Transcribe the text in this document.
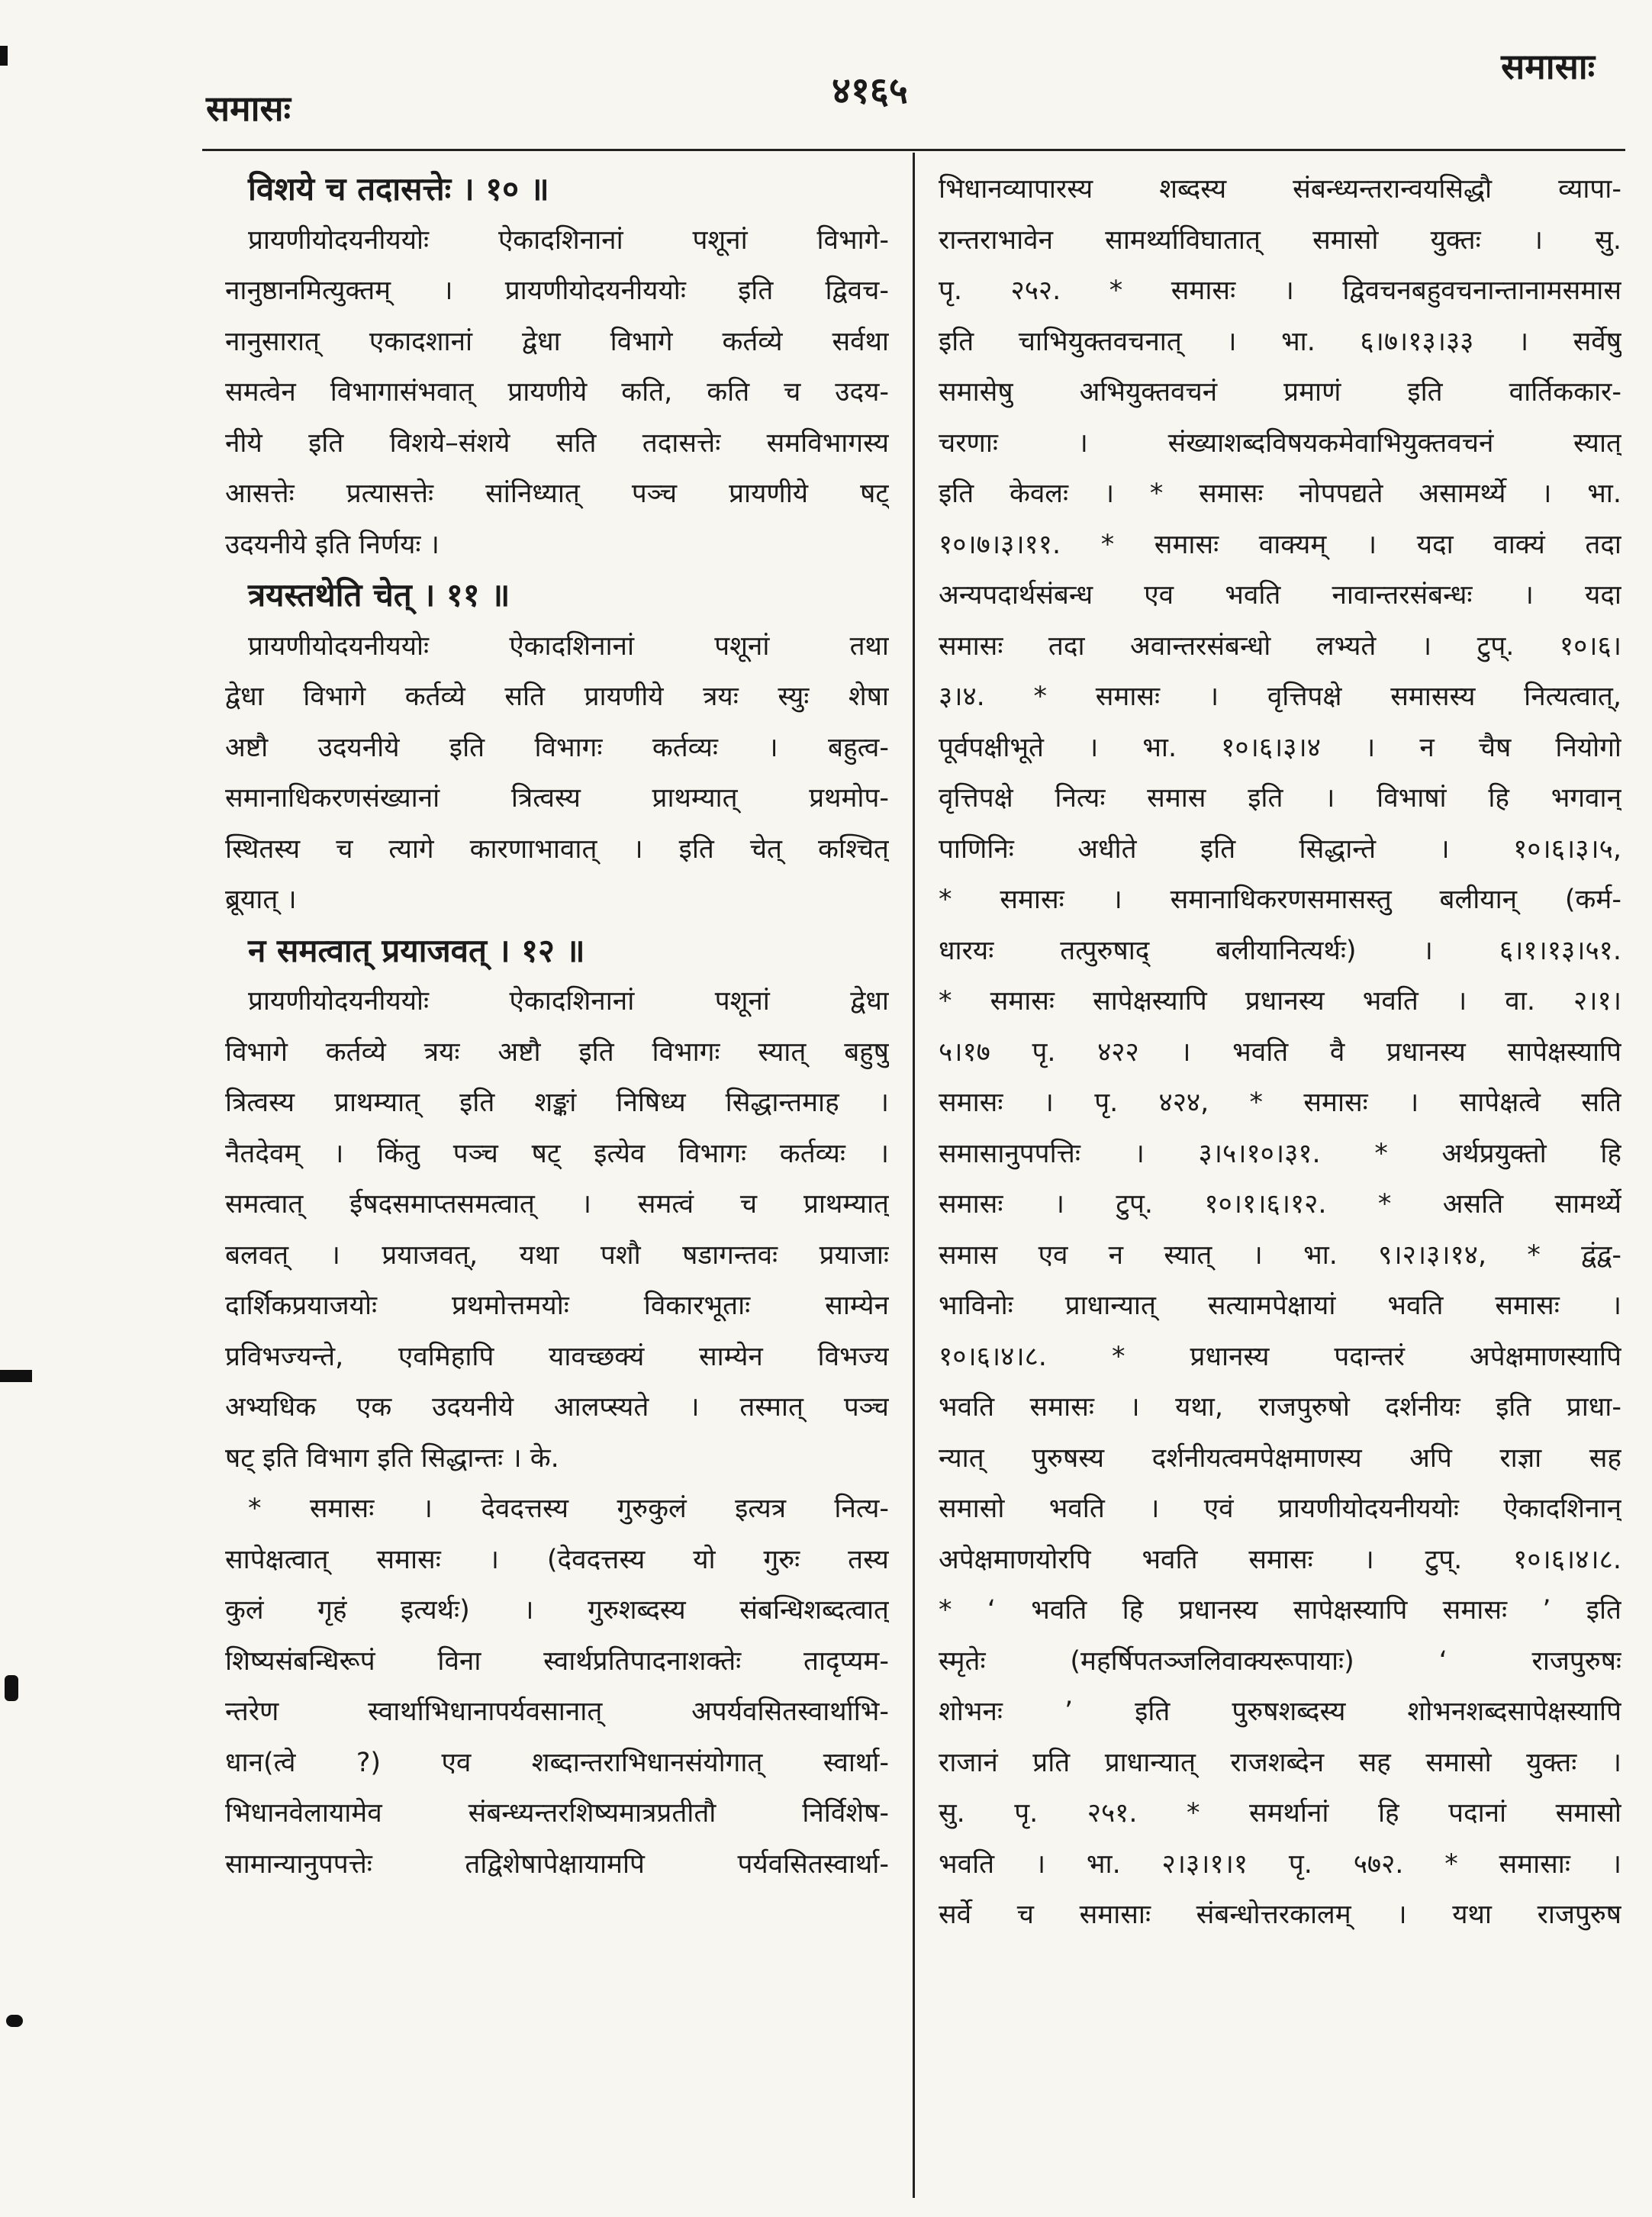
समासः	४१६५
समासाः
विशये च तदासत्तेः । १० ॥
प्रायणीयोदयनीययोः ऐकादशिनानां पशूनां विभागे-
नानुष्ठानमित्युक्तम् । प्रायणीयोदयनीययोः इति द्विवच-
नानुसारात् एकादशानां द्वेधा विभागे कर्तव्ये सर्वथा
समत्वेन विभागासंभवात् प्रायणीये कति, कति च उदय-
नीये इति विशये–संशये सति तदासत्तेः समविभागस्य
आसत्तेः प्रत्यासत्तेः सांनिध्यात् पञ्च प्रायणीये षट्
उदयनीये इति निर्णयः ।
त्रयस्तथेति चेत् । ११ ॥
प्रायणीयोदयनीययोः ऐकादशिनानां पशूनां तथा
द्वेधा विभागे कर्तव्ये सति प्रायणीये त्रयः स्युः शेषा
अष्टौ उदयनीये इति विभागः कर्तव्यः । बहुत्व-
समानाधिकरणसंख्यानां त्रित्वस्य प्राथम्यात् प्रथमोप-
स्थितस्य च त्यागे कारणाभावात् । इति चेत् कश्चित्
ब्रूयात् ।
न समत्वात् प्रयाजवत् । १२ ॥
प्रायणीयोदयनीययोः ऐकादशिनानां पशूनां द्वेधा
विभागे कर्तव्ये त्रयः अष्टौ इति विभागः स्यात् बहुषु
त्रित्वस्य प्राथम्यात् इति शङ्कां निषिध्य सिद्धान्तमाह ।
नैतदेवम् । किंतु पञ्च षट् इत्येव विभागः कर्तव्यः ।
समत्वात् ईषदसमाप्तसमत्वात् । समत्वं च प्राथम्यात्
बलवत् । प्रयाजवत्, यथा पशौ षडागन्तवः प्रयाजाः
दार्शिकप्रयाजयोः प्रथमोत्तमयोः विकारभूताः साम्येन
प्रविभज्यन्ते, एवमिहापि यावच्छक्यं साम्येन विभज्य
अभ्यधिक एक उदयनीये आलप्स्यते । तस्मात् पञ्च
षट् इति विभाग इति सिद्धान्तः । के.
* समासः । देवदत्तस्य गुरुकुलं इत्यत्र नित्य-
सापेक्षत्वात् समासः । (देवदत्तस्य यो गुरुः तस्य
कुलं गृहं इत्यर्थः) । गुरुशब्दस्य संबन्धिशब्दत्वात्
शिष्यसंबन्धिरूपं विना स्वार्थप्रतिपादनाशक्तेः तादृप्यम-
न्तरेण स्वार्थाभिधानापर्यवसानात् अपर्यवसितस्वार्थाभि-
धान(त्वे ?) एव शब्दान्तराभिधानसंयोगात् स्वार्था-
भिधानवेलायामेव संबन्ध्यन्तरशिष्यमात्रप्रतीतौ निर्विशेष-
सामान्यानुपपत्तेः तद्विशेषापेक्षायामपि पर्यवसितस्वार्था-
भिधानव्यापारस्य शब्दस्य संबन्ध्यन्तरान्वयसिद्धौ व्यापा-
रान्तराभावेन सामर्थ्याविघातात् समासो युक्तः । सु.
पृ. २५२. * समासः । द्विवचनबहुवचनान्तानामसमास
इति चाभियुक्तवचनात् । भा. ६।७।१३।३३ । सर्वेषु
समासेषु अभियुक्तवचनं प्रमाणं इति वार्तिककार-
चरणाः । संख्याशब्दविषयकमेवाभियुक्तवचनं स्यात्
इति केवलः । * समासः नोपपद्यते असामर्थ्ये । भा.
१०।७।३।११. * समासः वाक्यम् । यदा वाक्यं तदा
अन्यपदार्थसंबन्ध एव भवति नावान्तरसंबन्धः । यदा
समासः तदा अवान्तरसंबन्धो लभ्यते । टुप्. १०।६।
३।४. * समासः । वृत्तिपक्षे समासस्य नित्यत्वात्,
पूर्वपक्षीभूते । भा. १०।६।३।४ । न चैष नियोगो
वृत्तिपक्षे नित्यः समास इति । विभाषां हि भगवान्
पाणिनिः अधीते इति सिद्धान्ते । १०।६।३।५,
* समासः । समानाधिकरणसमासस्तु बलीयान् (कर्म-
धारयः तत्पुरुषाद् बलीयानित्यर्थः) । ६।१।१३।५१.
* समासः सापेक्षस्यापि प्रधानस्य भवति । वा. २।१।
५।१७ पृ. ४२२ । भवति वै प्रधानस्य सापेक्षस्यापि
समासः । पृ. ४२४, * समासः । सापेक्षत्वे सति
समासानुपपत्तिः । ३।५।१०।३१. * अर्थप्रयुक्तो हि
समासः । टुप्. १०।१।६।१२. * असति सामर्थ्ये
समास एव न स्यात् । भा. ९।२।३।१४, * द्वंद्व-
भाविनोः प्राधान्यात् सत्यामपेक्षायां भवति समासः ।
१०।६।४।८. * प्रधानस्य पदान्तरं अपेक्षमाणस्यापि
भवति समासः । यथा, राजपुरुषो दर्शनीयः इति प्राधा-
न्यात् पुरुषस्य दर्शनीयत्वमपेक्षमाणस्य अपि राज्ञा सह
समासो भवति । एवं प्रायणीयोदयनीययोः ऐकादशिनान्
अपेक्षमाणयोरपि भवति समासः । टुप्. १०।६।४।८.
* ‘ भवति हि प्रधानस्य सापेक्षस्यापि समासः ’ इति
स्मृतेः (महर्षिपतञ्जलिवाक्यरूपायाः) ‘ राजपुरुषः
शोभनः ’ इति पुरुषशब्दस्य शोभनशब्दसापेक्षस्यापि
राजानं प्रति प्राधान्यात् राजशब्देन सह समासो युक्तः ।
सु. पृ. २५१. * समर्थानां हि पदानां समासो
भवति । भा. २।३।१।१ पृ. ५७२. * समासाः ।
सर्वे च समासाः संबन्धोत्तरकालम् । यथा राजपुरुष
